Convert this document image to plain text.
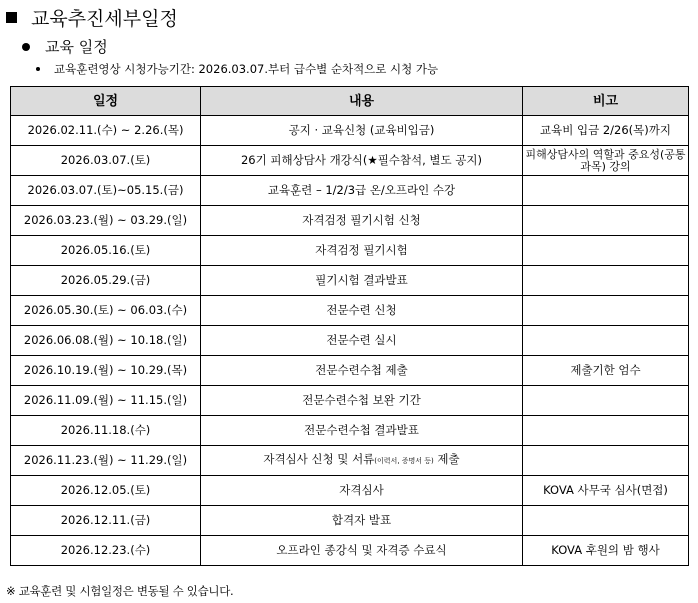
교육추진세부일정
교육 일정
교육훈련영상 시청가능기간: 2026.03.07.부터 급수별 순차적으로 시청 가능
일정	내용	비고
2026.02.11.(수) ~ 2.26.(목)	공지 · 교육신청 (교육비입금)	교육비 입금 2/26(목)까지
2026.03.07.(토)	26기 피해상담사 개강식(★필수참석, 별도 공지)	피해상담사의 역할과 중요성(공통과목) 강의
2026.03.07.(토)~05.15.(금)	교육훈련 – 1/2/3급 온/오프라인 수강	
2026.03.23.(월) ~ 03.29.(일)	자격검정 필기시험 신청	
2026.05.16.(토)	자격검정 필기시험	
2026.05.29.(금)	필기시험 결과발표	
2026.05.30.(토) ~ 06.03.(수)	전문수련 신청	
2026.06.08.(월) ~ 10.18.(일)	전문수련 실시	
2026.10.19.(월) ~ 10.29.(목)	전문수련수첩 제출	제출기한 엄수
2026.11.09.(월) ~ 11.15.(일)	전문수련수첩 보완 기간	
2026.11.18.(수)	전문수련수첩 결과발표	
2026.11.23.(월) ~ 11.29.(일)	자격심사 신청 및 서류(이력서, 증명서 등) 제출	
2026.12.05.(토)	자격심사	KOVA 사무국 심사(면접)
2026.12.11.(금)	합격자 발표	
2026.12.23.(수)	오프라인 종강식 및 자격증 수료식	KOVA 후원의 밤 행사
※ 교육훈련 및 시험일정은 변동될 수 있습니다.
